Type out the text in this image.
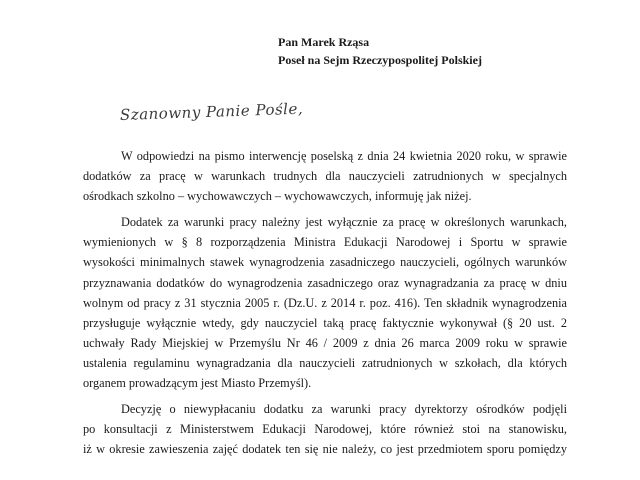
Pan Marek Rząsa
Poseł na Sejm Rzeczypospolitej Polskiej
Szanowny Panie Pośle,
W odpowiedzi na pismo interwencję poselską z dnia 24 kwietnia 2020 roku, w sprawie
dodatków za pracę w warunkach trudnych dla nauczycieli zatrudnionych w specjalnych
ośrodkach szkolno – wychowawczych – wychowawczych, informuję jak niżej.
Dodatek za warunki pracy należny jest wyłącznie za pracę w określonych warunkach,
wymienionych w § 8 rozporządzenia Ministra Edukacji Narodowej i Sportu w sprawie
wysokości minimalnych stawek wynagrodzenia zasadniczego nauczycieli, ogólnych warunków
przyznawania dodatków do wynagrodzenia zasadniczego oraz wynagradzania za pracę w dniu
wolnym od pracy z 31 stycznia 2005 r. (Dz.U. z 2014 r. poz. 416). Ten składnik wynagrodzenia
przysługuje wyłącznie wtedy, gdy nauczyciel taką pracę faktycznie wykonywał (§ 20 ust. 2
uchwały Rady Miejskiej w Przemyślu Nr 46 / 2009 z dnia 26 marca 2009 roku w sprawie
ustalenia regulaminu wynagradzania dla nauczycieli zatrudnionych w szkołach, dla których
organem prowadzącym jest Miasto Przemyśl).
Decyzję o niewypłacaniu dodatku za warunki pracy dyrektorzy ośrodków podjęli
po konsultacji z Ministerstwem Edukacji Narodowej, które również stoi na stanowisku,
iż w okresie zawieszenia zajęć dodatek ten się nie należy, co jest przedmiotem sporu pomiędzy
